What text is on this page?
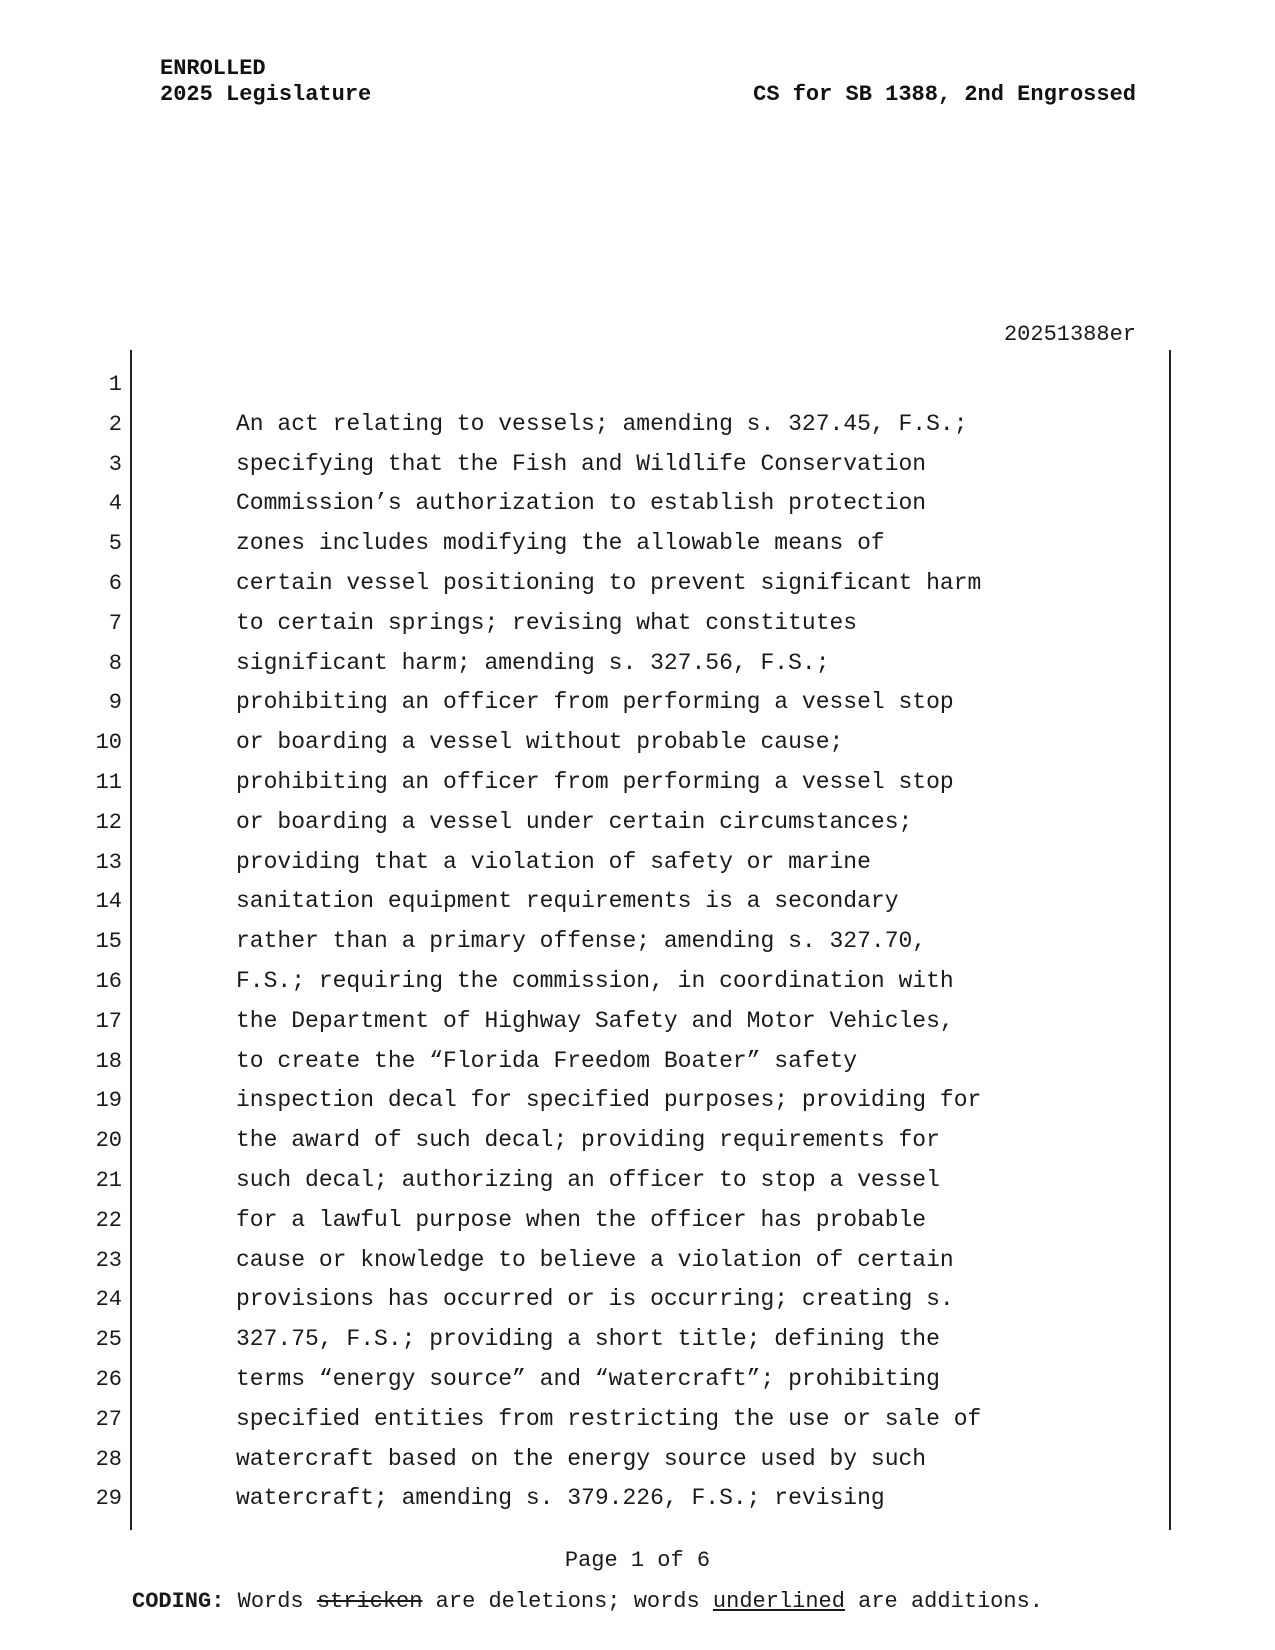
ENROLLED
2025 Legislature	CS for SB 1388, 2nd Engrossed
20251388er
1
2	An act relating to vessels; amending s. 327.45, F.S.;
3	specifying that the Fish and Wildlife Conservation
4	Commission’s authorization to establish protection
5	zones includes modifying the allowable means of
6	certain vessel positioning to prevent significant harm
7	to certain springs; revising what constitutes
8	significant harm; amending s. 327.56, F.S.;
9	prohibiting an officer from performing a vessel stop
10	or boarding a vessel without probable cause;
11	prohibiting an officer from performing a vessel stop
12	or boarding a vessel under certain circumstances;
13	providing that a violation of safety or marine
14	sanitation equipment requirements is a secondary
15	rather than a primary offense; amending s. 327.70,
16	F.S.; requiring the commission, in coordination with
17	the Department of Highway Safety and Motor Vehicles,
18	to create the “Florida Freedom Boater” safety
19	inspection decal for specified purposes; providing for
20	the award of such decal; providing requirements for
21	such decal; authorizing an officer to stop a vessel
22	for a lawful purpose when the officer has probable
23	cause or knowledge to believe a violation of certain
24	provisions has occurred or is occurring; creating s.
25	327.75, F.S.; providing a short title; defining the
26	terms “energy source” and “watercraft”; prohibiting
27	specified entities from restricting the use or sale of
28	watercraft based on the energy source used by such
29	watercraft; amending s. 379.226, F.S.; revising
Page 1 of 6
CODING: Words stricken are deletions; words underlined are additions.
